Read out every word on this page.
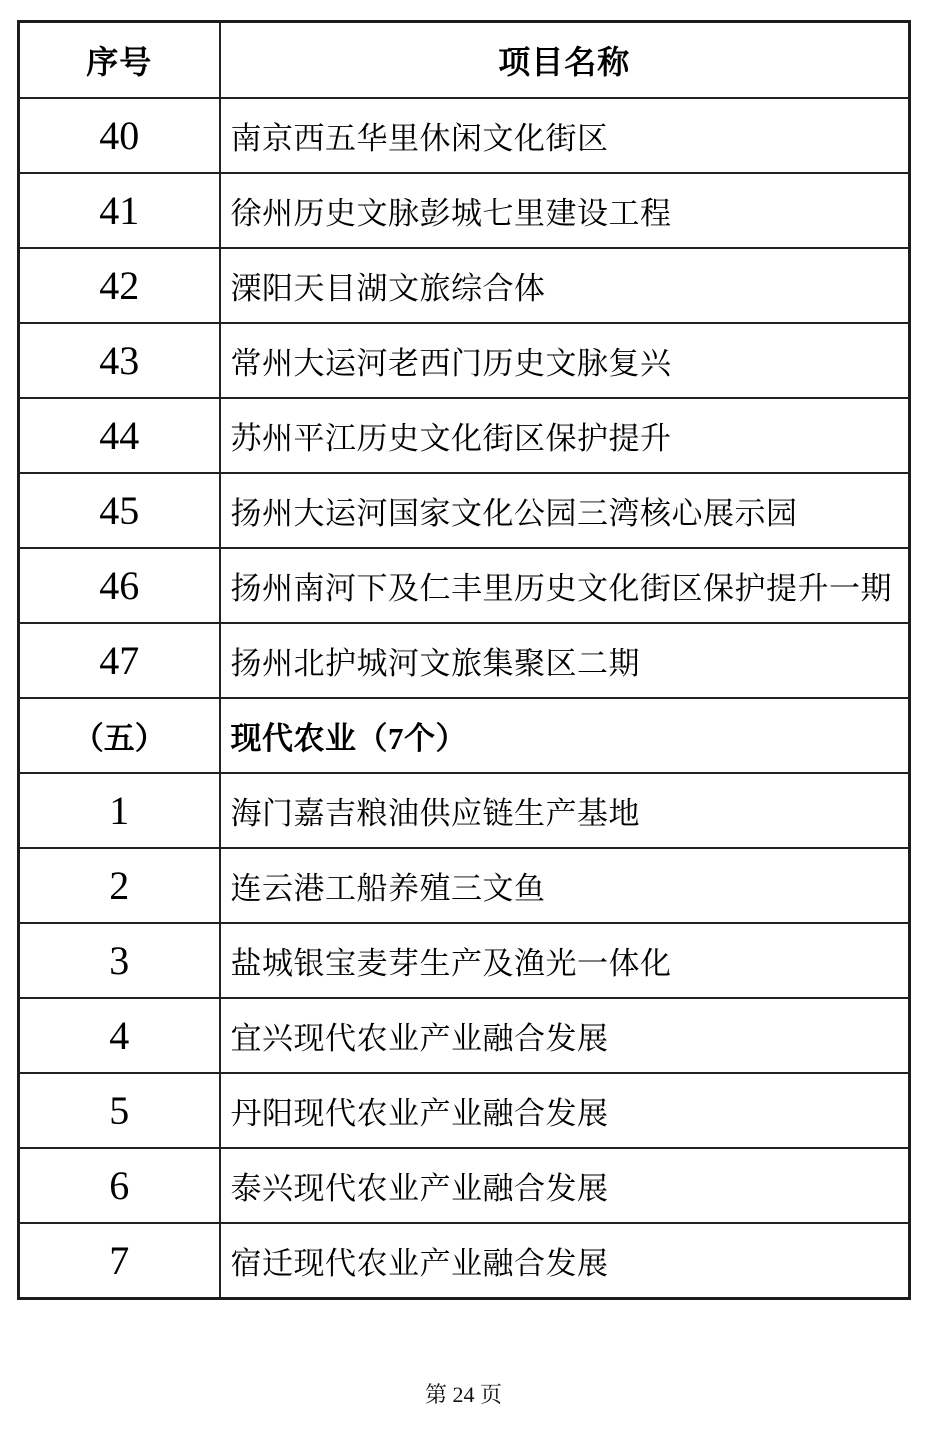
序号	项目名称
40	南京西五华里休闲文化街区
41	徐州历史文脉彭城七里建设工程
42	溧阳天目湖文旅综合体
43	常州大运河老西门历史文脉复兴
44	苏州平江历史文化街区保护提升
45	扬州大运河国家文化公园三湾核心展示园
46	扬州南河下及仁丰里历史文化街区保护提升一期
47	扬州北护城河文旅集聚区二期
（五）	现代农业（7个）
1	海门嘉吉粮油供应链生产基地
2	连云港工船养殖三文鱼
3	盐城银宝麦芽生产及渔光一体化
4	宜兴现代农业产业融合发展
5	丹阳现代农业产业融合发展
6	泰兴现代农业产业融合发展
7	宿迁现代农业产业融合发展
第 24 页
